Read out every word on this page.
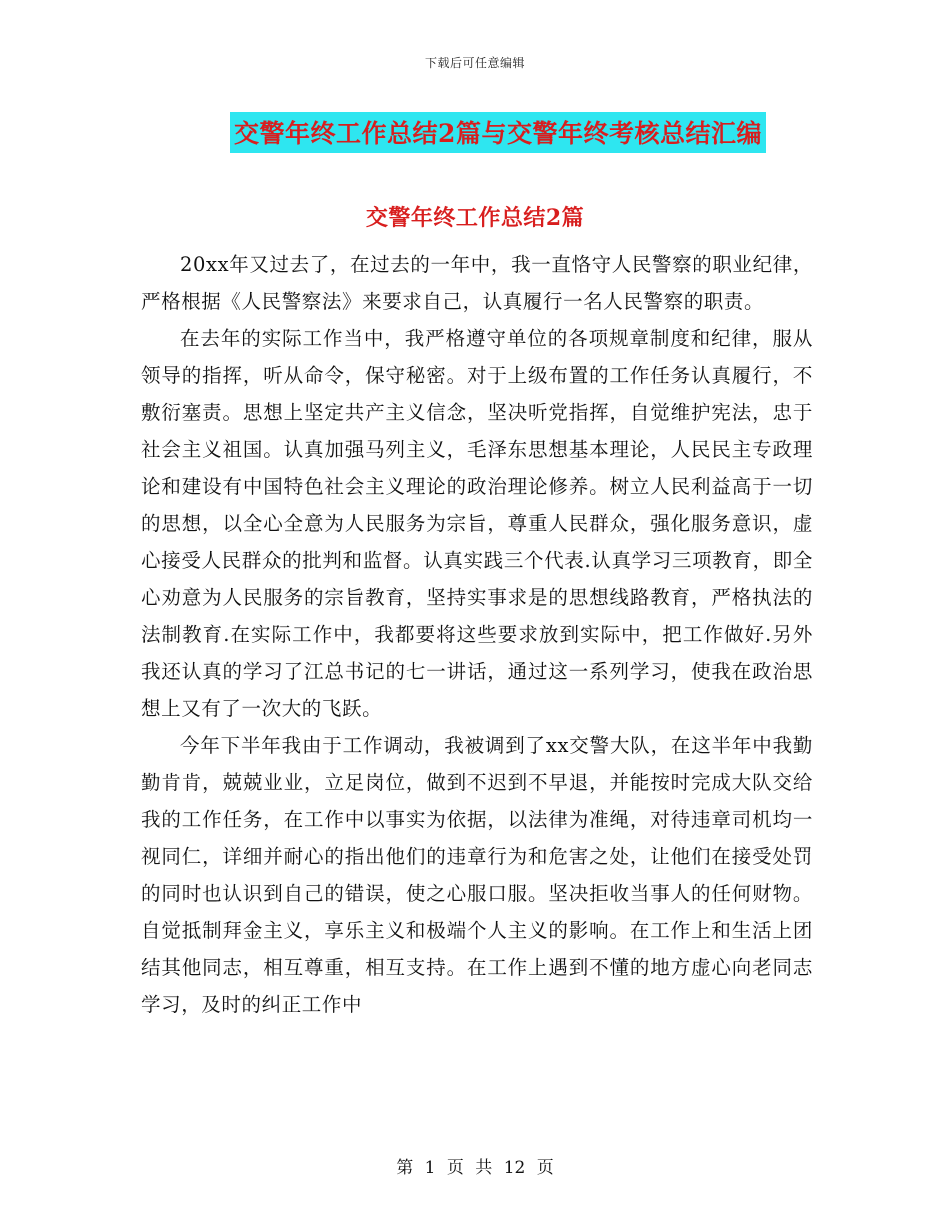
下载后可任意编辑
交警年终工作总结2篇与交警年终考核总结汇编
交警年终工作总结2篇

20xx年又过去了，在过去的一年中，我一直恪守人民警察的职业纪律，严格根据《人民警察法》来要求自己，认真履行一名人民警察的职责。

在去年的实际工作当中，我严格遵守单位的各项规章制度和纪律，服从领导的指挥，听从命令，保守秘密。对于上级布置的工作任务认真履行，不敷衍塞责。思想上坚定共产主义信念，坚决听党指挥，自觉维护宪法，忠于社会主义祖国。认真加强马列主义，毛泽东思想基本理论，人民民主专政理论和建设有中国特色社会主义理论的政治理论修养。树立人民利益高于一切的思想，以全心全意为人民服务为宗旨，尊重人民群众，强化服务意识，虚心接受人民群众的批判和监督。认真实践三个代表.认真学习三项教育，即全心劝意为人民服务的宗旨教育，坚持实事求是的思想线路教育，严格执法的法制教育.在实际工作中，我都要将这些要求放到实际中，把工作做好.另外我还认真的学习了江总书记的七一讲话，通过这一系列学习，使我在政治思想上又有了一次大的飞跃。

今年下半年我由于工作调动，我被调到了xx交警大队，在这半年中我勤勤肯肯，兢兢业业，立足岗位，做到不迟到不早退，并能按时完成大队交给我的工作任务，在工作中以事实为依据，以法律为准绳，对待违章司机均一视同仁，详细并耐心的指出他们的违章行为和危害之处，让他们在接受处罚的同时也认识到自己的错误，使之心服口服。坚决拒收当事人的任何财物。自觉抵制拜金主义，享乐主义和极端个人主义的影响。在工作上和生活上团结其他同志，相互尊重，相互支持。在工作上遇到不懂的地方虚心向老同志学习，及时的纠正工作中

第 1 页 共 12 页
